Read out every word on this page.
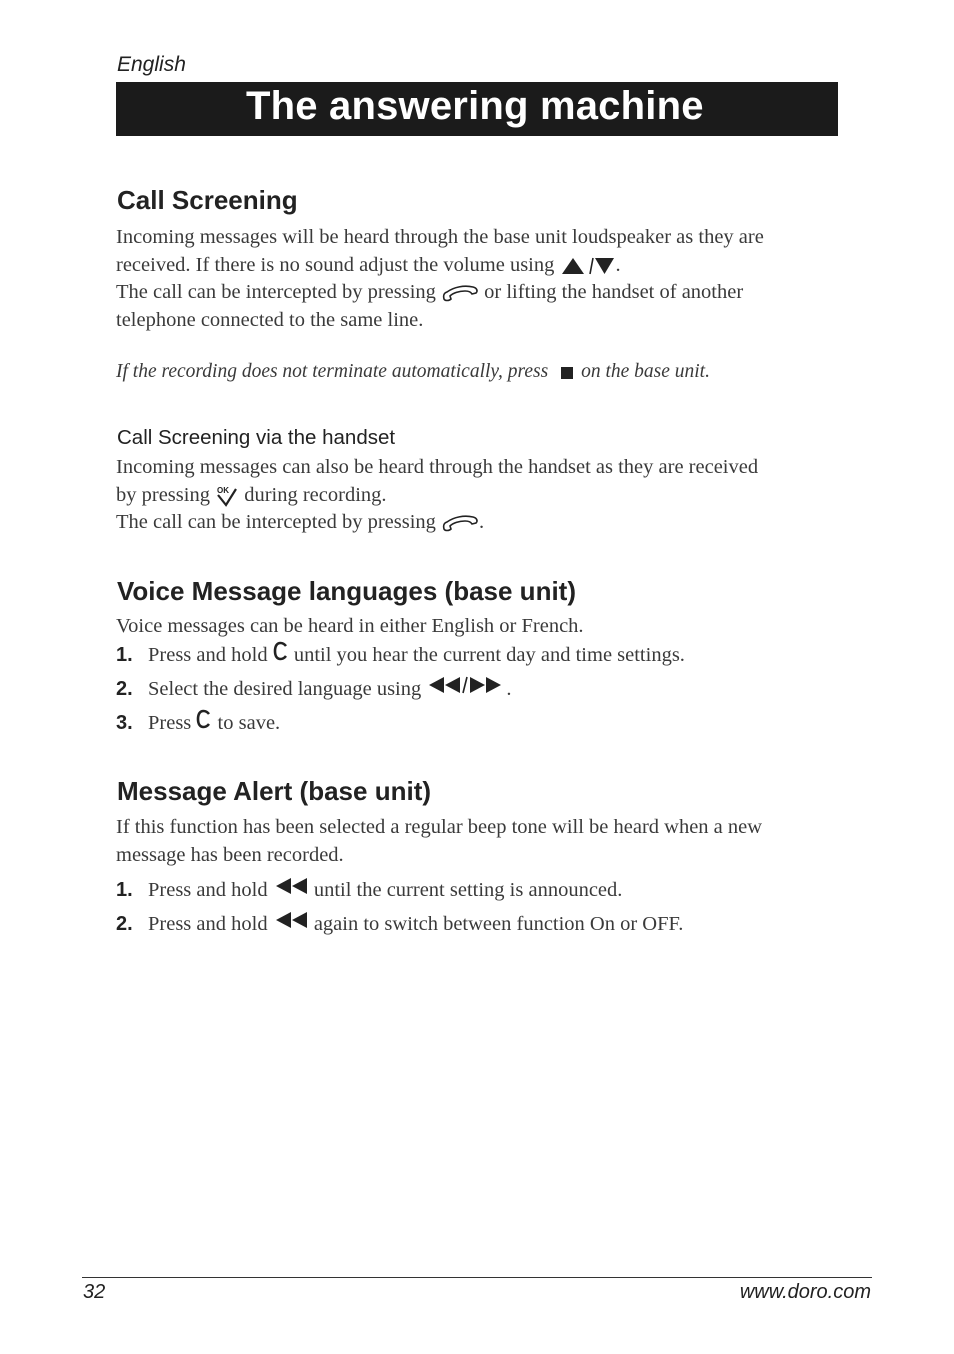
English
The answering machine
Call Screening
Incoming messages will be heard through the base unit loudspeaker as they are
received. If there is no sound adjust the volume using	.
The call can be intercepted by pressing or lifting the handset of another
telephone connected to the same line.
If the recording does not terminate automatically, press on the base unit.
Call Screening via the handset
Incoming messages can also be heard through the handset as they are received
by pressing OK during recording.
The call can be intercepted by pressing .
Voice Message languages (base unit)
Voice messages can be heard in either English or French.
1. Press and hold

until you hear the current day and time settings.
2. Select the desired language using
	.
3. Press

to save.
Message Alert (base unit)
If this function has been selected a regular beep tone will be heard when a new
message has been recorded.
1. Press and hold

until the current setting is announced.
2. Press and hold

again to switch between function On or OFF.
32	www.doro.com
